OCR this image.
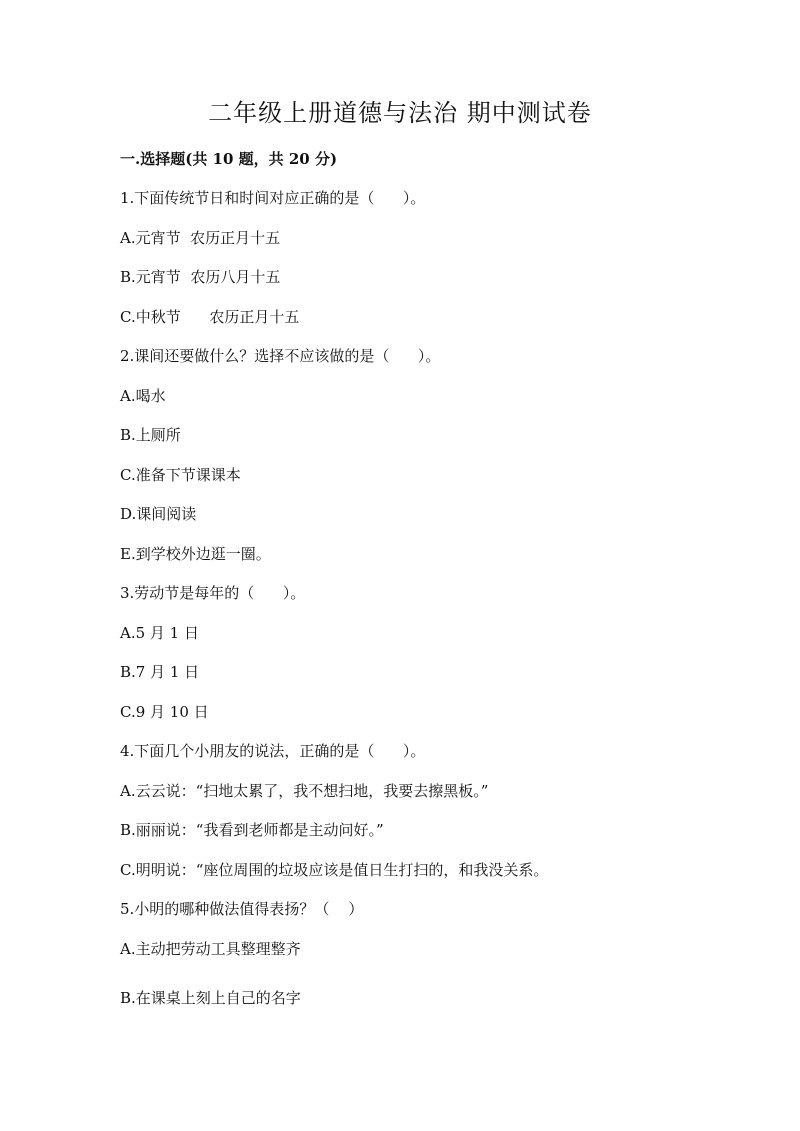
二年级上册道德与法治 期中测试卷
一.选择题(共 10 题，共 20 分)
1.下面传统节日和时间对应正确的是（      ）。
A.元宵节  农历正月十五
B.元宵节  农历八月十五
C.中秋节      农历正月十五
2.课间还要做什么？选择不应该做的是（      ）。
A.喝水
B.上厕所
C.准备下节课课本
D.课间阅读
E.到学校外边逛一圈。
3.劳动节是每年的（      ）。
A.5 月 1 日
B.7 月 1 日
C.9 月 10 日
4.下面几个小朋友的说法，正确的是（      ）。
A.云云说：“扫地太累了，我不想扫地，我要去擦黑板。”
B.丽丽说：“我看到老师都是主动问好。”
C.明明说：“座位周围的垃圾应该是值日生打扫的，和我没关系。
5.小明的哪种做法值得表扬？（    ）
A.主动把劳动工具整理整齐
B.在课桌上刻上自己的名字
